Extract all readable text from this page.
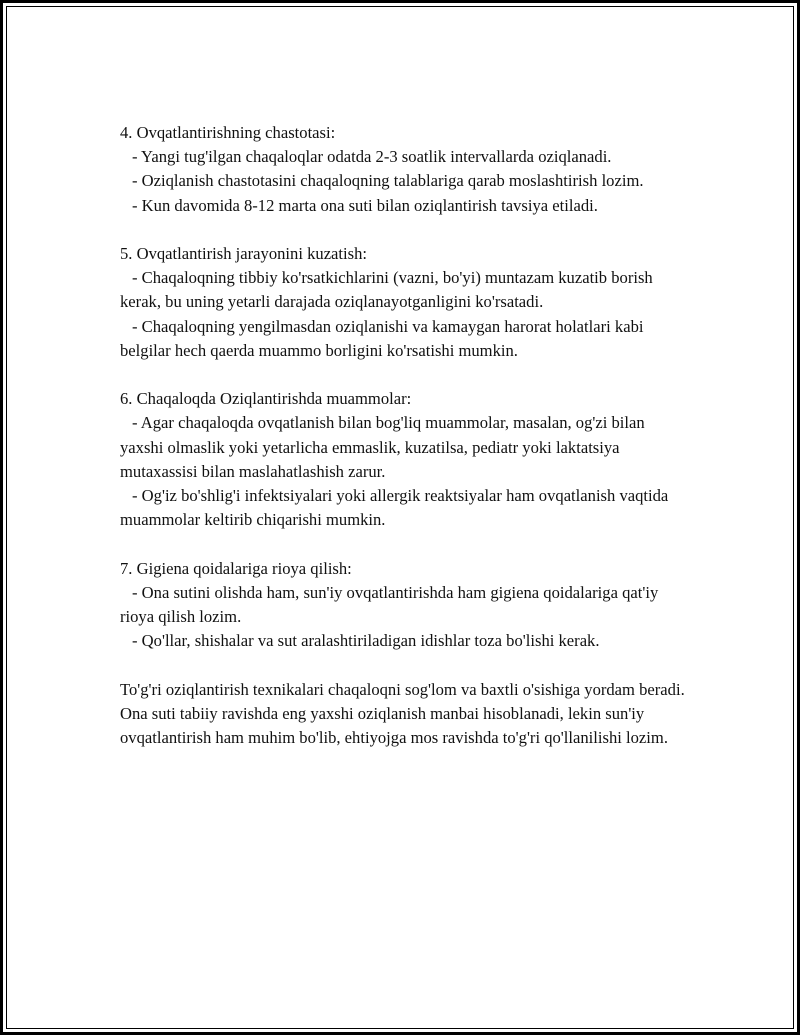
4. Ovqatlantirishning chastotasi:
- Yangi tug'ilgan chaqaloqlar odatda 2-3 soatlik intervallarda oziqlanadi.
- Oziqlanish chastotasini chaqaloqning talablariga qarab moslashtirish lozim.
- Kun davomida 8-12 marta ona suti bilan oziqlantirish tavsiya etiladi.
5. Ovqatlantirish jarayonini kuzatish:
- Chaqaloqning tibbiy ko'rsatkichlarini (vazni, bo'yi) muntazam kuzatib borish kerak, bu uning yetarli darajada oziqlanayotganligini ko'rsatadi.
- Chaqaloqning yengilmasdan oziqlanishi va kamaygan harorat holatlari kabi belgilar hech qaerda muammo borligini ko'rsatishi mumkin.
6. Chaqaloqda Oziqlantirishda muammolar:
- Agar chaqaloqda ovqatlanish bilan bog'liq muammolar, masalan, og'zi bilan yaxshi olmaslik yoki yetarlicha emmaslik, kuzatilsa, pediatr yoki laktatsiya mutaxassisi bilan maslahatlashish zarur.
- Og'iz bo'shlig'i infektsiyalari yoki allergik reaktsiyalar ham ovqatlanish vaqtida muammolar keltirib chiqarishi mumkin.
7. Gigiena qoidalariga rioya qilish:
- Ona sutini olishda ham, sun'iy ovqatlantirishda ham gigiena qoidalariga qat'iy rioya qilish lozim.
- Qo'llar, shishalar va sut aralashtiriladigan idishlar toza bo'lishi kerak.

To'g'ri oziqlantirish texnikalari chaqaloqni sog'lom va baxtli o'sishiga yordam beradi. Ona suti tabiiy ravishda eng yaxshi oziqlanish manbai hisoblanadi, lekin sun'iy ovqatlantirish ham muhim bo'lib, ehtiyojga mos ravishda to'g'ri qo'llanilishi lozim.
